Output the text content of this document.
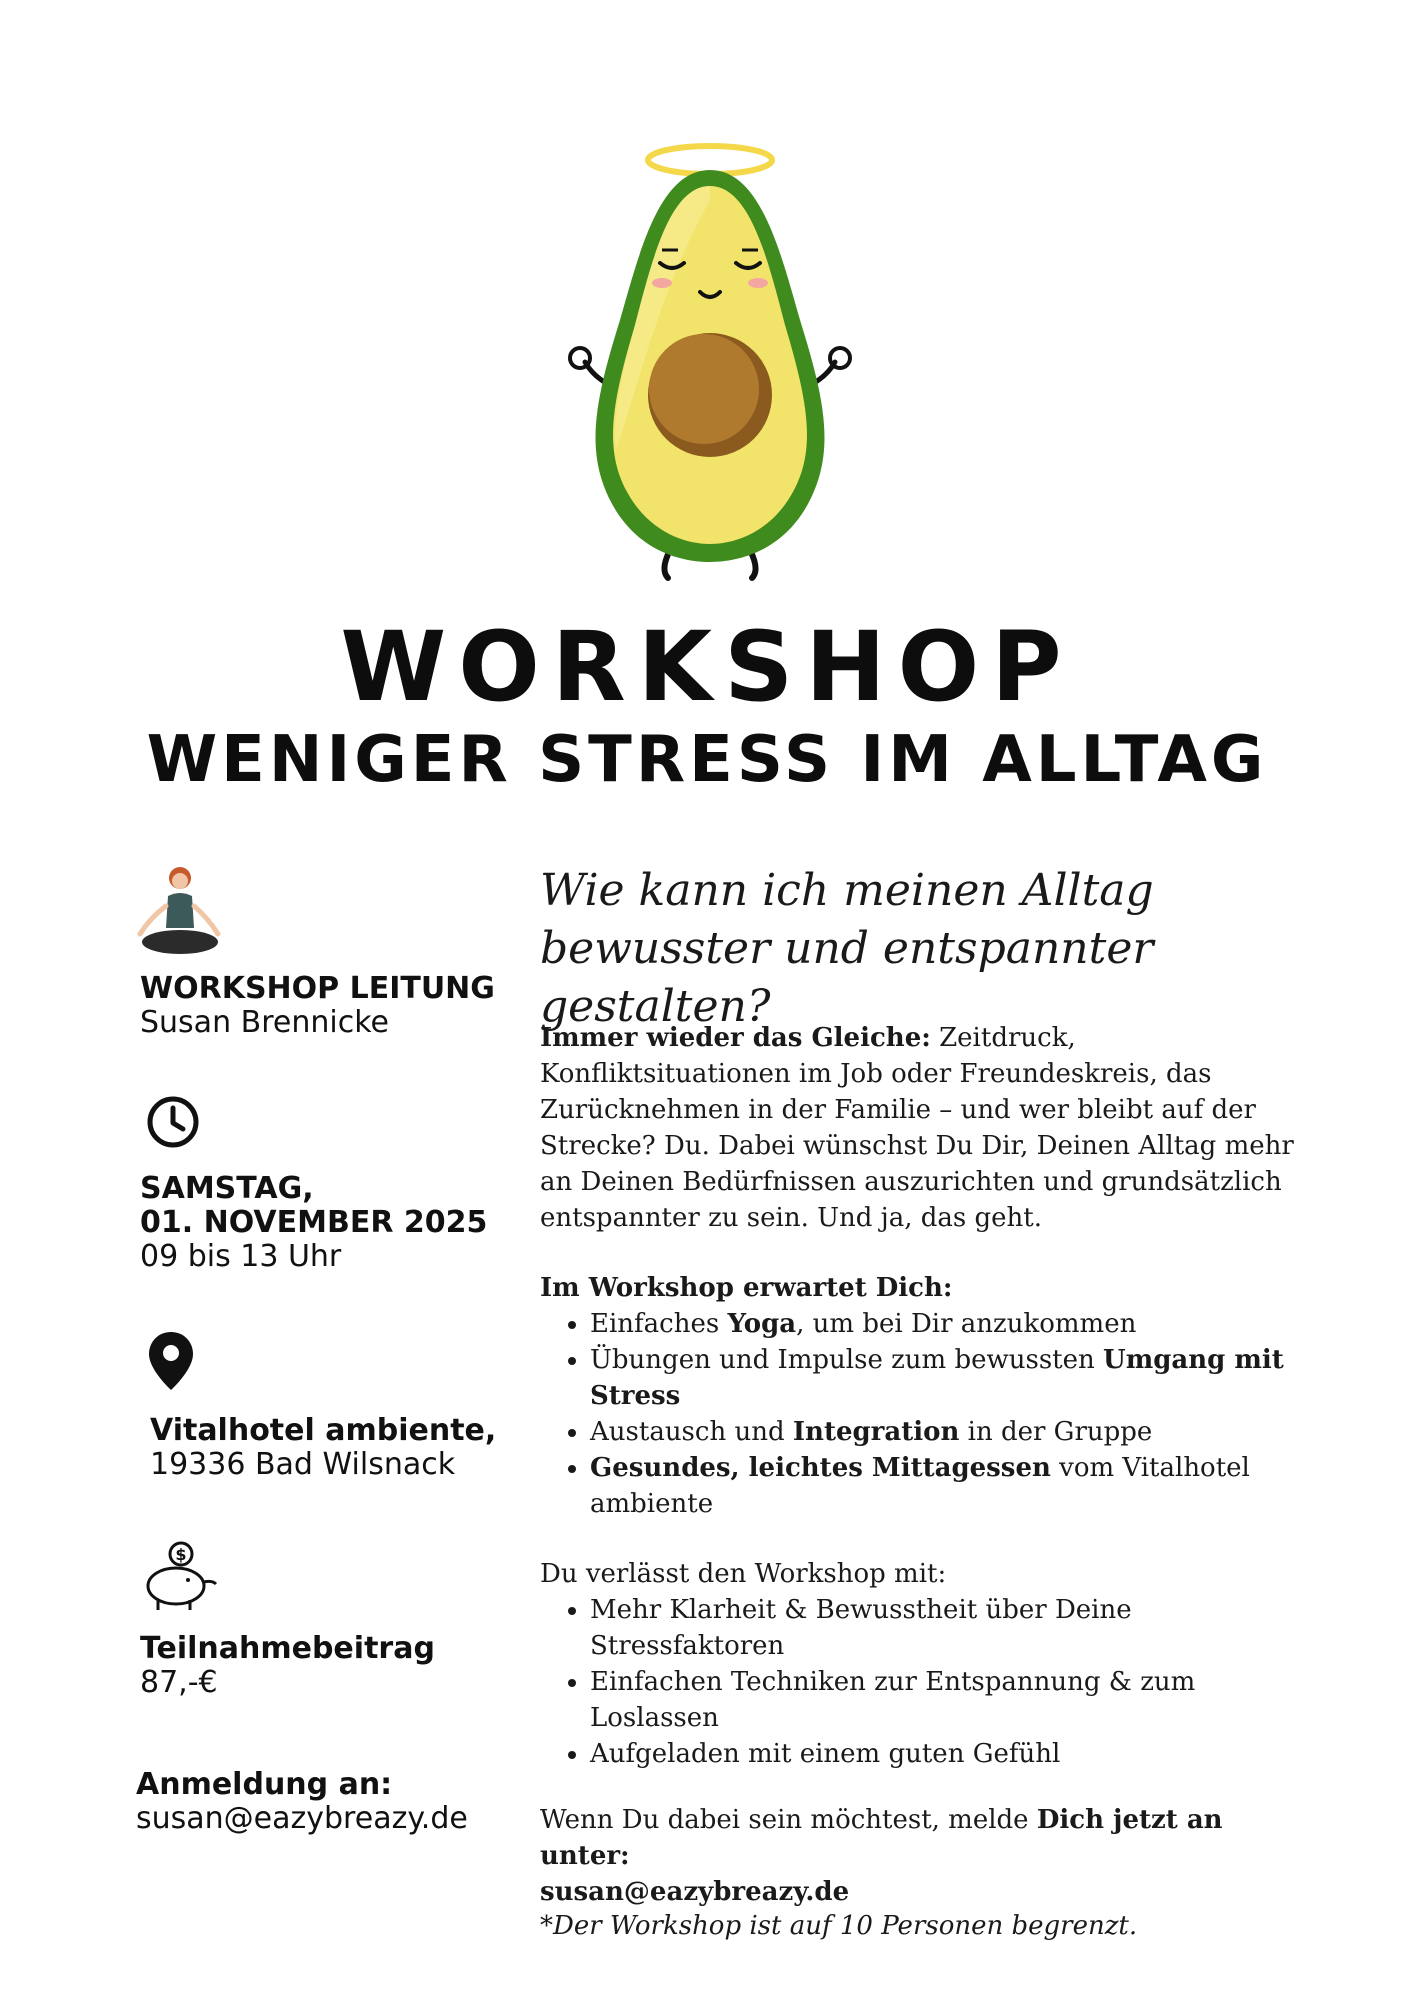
WORKSHOP
WENIGER STRESS IM ALLTAG
WORKSHOP LEITUNG
Susan Brennicke
SAMSTAG,
01. NOVEMBER 2025
09 bis 13 Uhr
Vitalhotel ambiente,
19336 Bad Wilsnack
$
Teilnahmebeitrag
87,-€
Anmeldung an:
susan@eazybreazy.de
Wie kann ich meinen Alltag
bewusster und entspannter gestalten?
Immer wieder das Gleiche: Zeitdruck, Konfliktsituationen im Job oder Freundeskreis, das Zurücknehmen in der Familie – und wer bleibt auf der Strecke? Du. Dabei wünschst Du Dir, Deinen Alltag mehr an Deinen Bedürfnissen auszurichten und grundsätzlich entspannter zu sein. Und ja, das geht.
Im Workshop erwartet Dich:
• Einfaches Yoga, um bei Dir anzukommen
• Übungen und Impulse zum bewussten Umgang mit Stress
• Austausch und Integration in der Gruppe
• Gesundes, leichtes Mittagessen vom Vitalhotel ambiente
Du verlässt den Workshop mit:
• Mehr Klarheit & Bewusstheit über Deine Stressfaktoren
• Einfachen Techniken zur Entspannung & zum Loslassen
• Aufgeladen mit einem guten Gefühl
Wenn Du dabei sein möchtest, melde Dich jetzt an unter:
susan@eazybreazy.de
*Der Workshop ist auf 10 Personen begrenzt.
